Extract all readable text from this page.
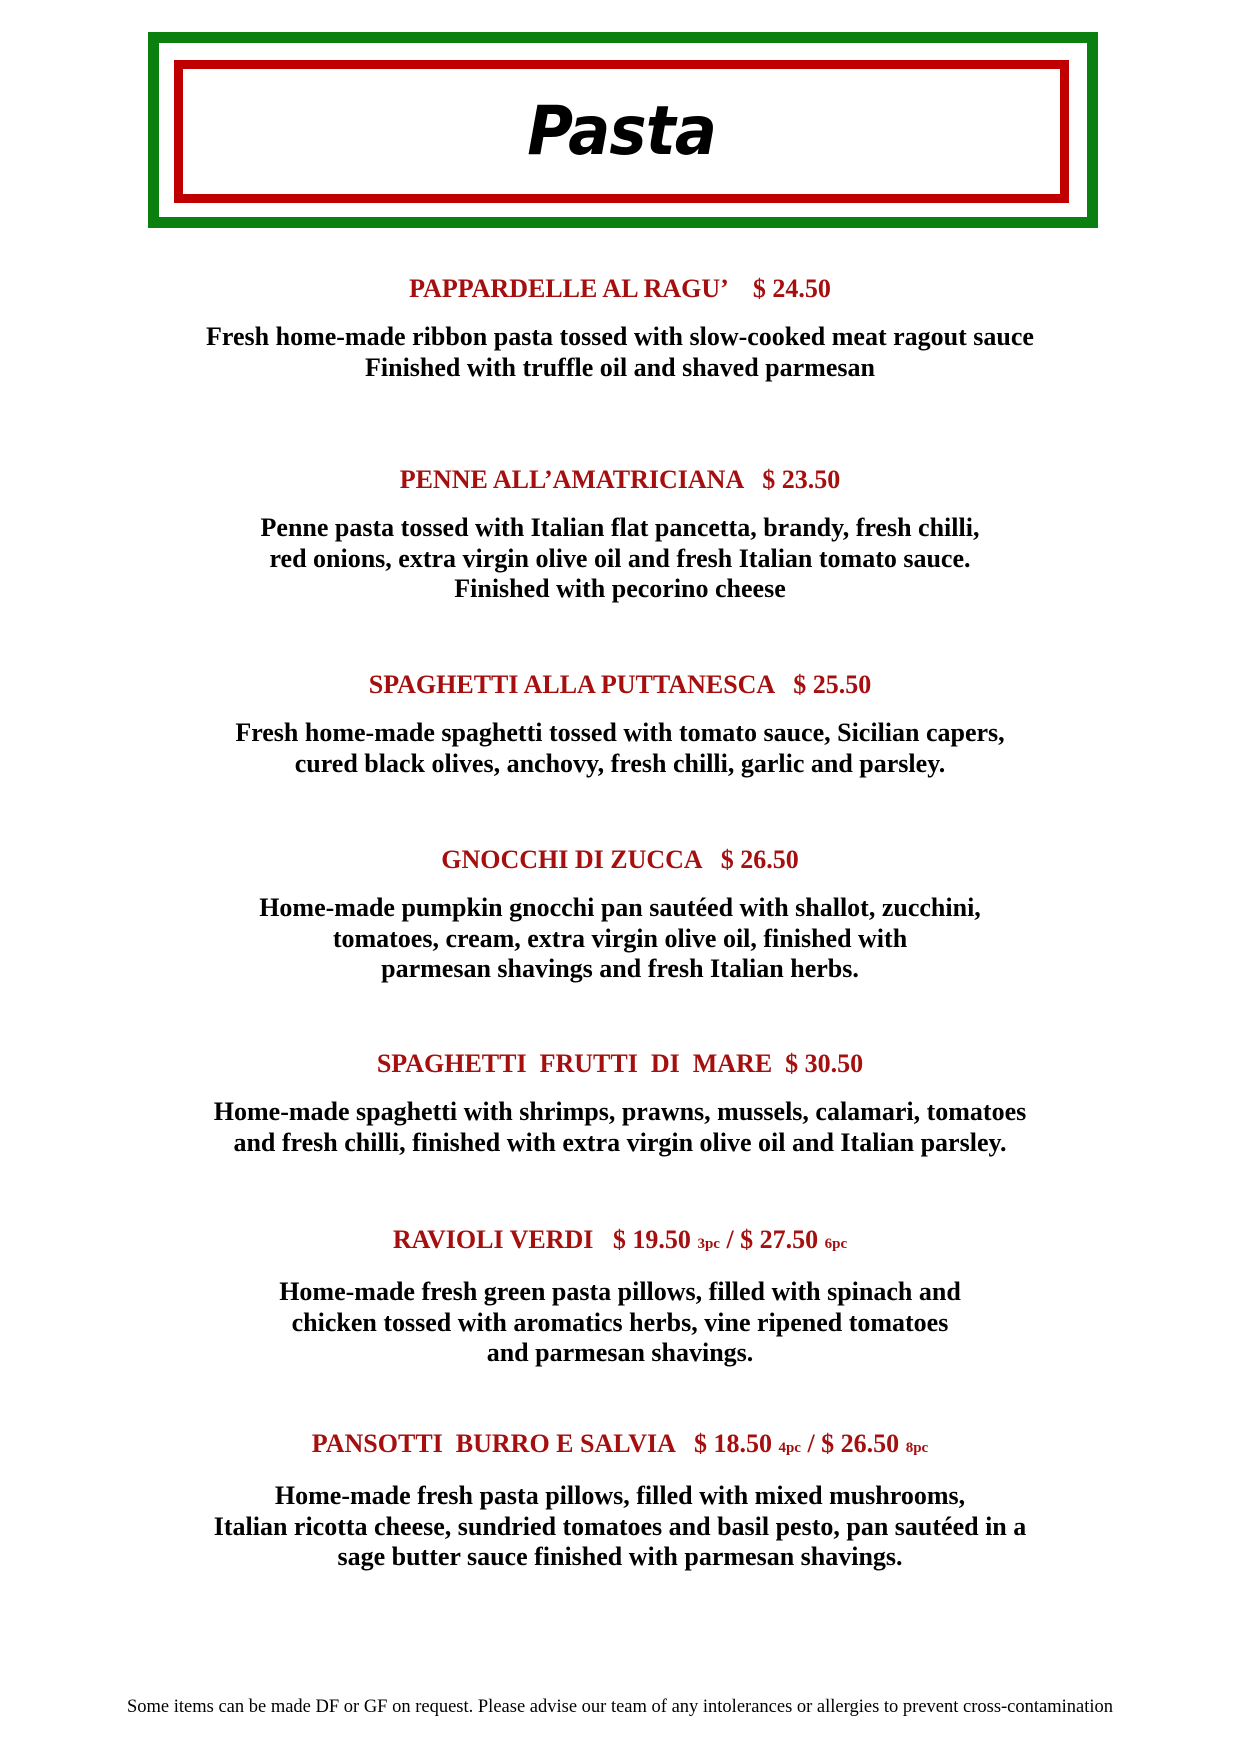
Pasta
PAPPARDELLE AL RAGU’    $ 24.50
Fresh home-made ribbon pasta tossed with slow-cooked meat ragout sauce
Finished with truffle oil and shaved parmesan
PENNE ALL’AMATRICIANA   $ 23.50
Penne pasta tossed with Italian flat pancetta, brandy, fresh chilli,
red onions, extra virgin olive oil and fresh Italian tomato sauce.
Finished with pecorino cheese
SPAGHETTI ALLA PUTTANESCA   $ 25.50
Fresh home-made spaghetti tossed with tomato sauce, Sicilian capers,
cured black olives, anchovy, fresh chilli, garlic and parsley.
GNOCCHI DI ZUCCA   $ 26.50
Home-made pumpkin gnocchi pan sautéed with shallot, zucchini,
tomatoes, cream, extra virgin olive oil, finished with
parmesan shavings and fresh Italian herbs.
SPAGHETTI  FRUTTI  DI  MARE  $ 30.50
Home-made spaghetti with shrimps, prawns, mussels, calamari, tomatoes
and fresh chilli, finished with extra virgin olive oil and Italian parsley.
RAVIOLI VERDI   $ 19.50 3pc / $ 27.50 6pc
Home-made fresh green pasta pillows, filled with spinach and
chicken tossed with aromatics herbs, vine ripened tomatoes
and parmesan shavings.
PANSOTTI  BURRO E SALVIA   $ 18.50 4pc / $ 26.50 8pc
Home-made fresh pasta pillows, filled with mixed mushrooms,
Italian ricotta cheese, sundried tomatoes and basil pesto, pan sautéed in a
sage butter sauce finished with parmesan shavings.
Some items can be made DF or GF on request. Please advise our team of any intolerances or allergies to prevent cross-contamination
